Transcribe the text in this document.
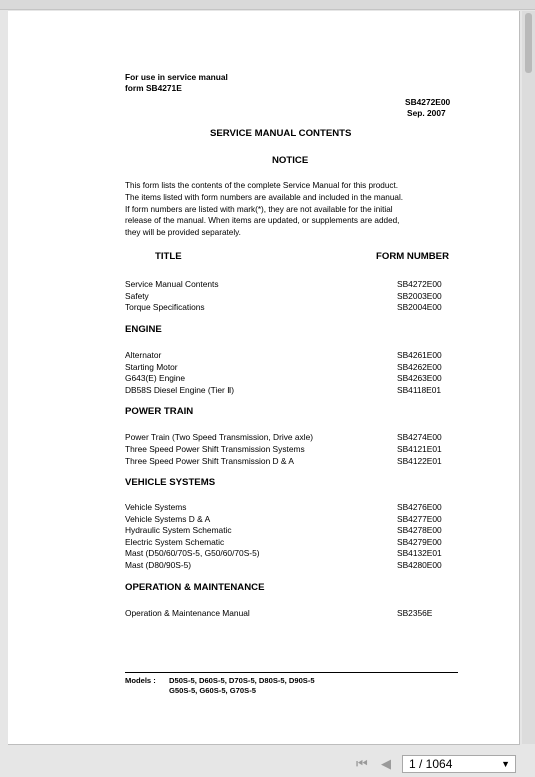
For use in service manual
form SB4271E
SB4272E00
Sep. 2007
SERVICE MANUAL CONTENTS
NOTICE
This form lists the contents of the complete Service Manual for this product.
The items listed with form numbers are available and included in the manual.
If form numbers are listed with mark(*), they are not available for the initial
release of the manual. When items are updated, or supplements are added,
they will be provided separately.
TITLE	FORM NUMBER
Service Manual Contents	SB4272E00
Safety	SB2003E00
Torque Specifications	SB2004E00
ENGINE
Alternator	SB4261E00
Starting Motor	SB4262E00
G643(E) Engine	SB4263E00
DB58S Diesel Engine (Tier Ⅱ)	SB4118E01
POWER TRAIN
Power Train (Two Speed Transmission, Drive axle)	SB4274E00
Three Speed Power Shift Transmission Systems	SB4121E01
Three Speed Power Shift Transmission D & A	SB4122E01
VEHICLE SYSTEMS
Vehicle Systems	SB4276E00
Vehicle Systems D & A	SB4277E00
Hydraulic System Schematic	SB4278E00
Electric System Schematic	SB4279E00
Mast (D50/60/70S-5, G50/60/70S-5)	SB4132E01
Mast (D80/90S-5)	SB4280E00
OPERATION & MAINTENANCE
Operation & Maintenance Manual	SB2356E
Models : D50S-5, D60S-5, D70S-5, D80S-5, D90S-5
G50S-5, G60S-5, G70S-5
⏮ ◀	1 / 1064	▼
